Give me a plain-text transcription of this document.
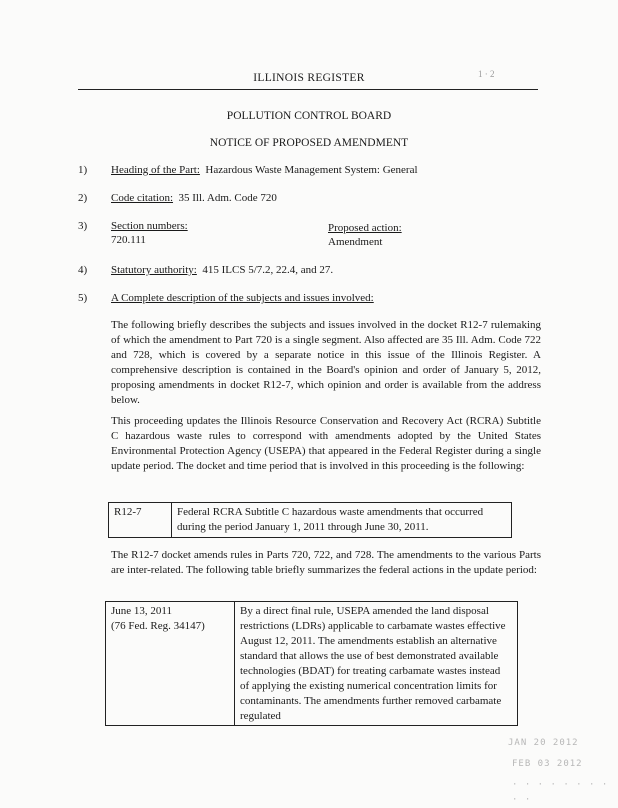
ILLINOIS REGISTER	1 · 2
POLLUTION CONTROL BOARD
NOTICE OF PROPOSED AMENDMENT
1)	Heading of the Part: Hazardous Waste Management System: General
2)	Code citation: 35 Ill. Adm. Code 720
3)	Section numbers:
720.111
Proposed action:
Amendment
4)	Statutory authority: 415 ILCS 5/7.2, 22.4, and 27.
5)	A Complete description of the subjects and issues involved:
The following briefly describes the subjects and issues involved in the docket R12-7 rulemaking of which the amendment to Part 720 is a single segment. Also affected are 35 Ill. Adm. Code 722 and 728, which is covered by a separate notice in this issue of the Illinois Register. A comprehensive description is contained in the Board's opinion and order of January 5, 2012, proposing amendments in docket R12-7, which opinion and order is available from the address below.
This proceeding updates the Illinois Resource Conservation and Recovery Act (RCRA) Subtitle C hazardous waste rules to correspond with amendments adopted by the United States Environmental Protection Agency (USEPA) that appeared in the Federal Register during a single update period. The docket and time period that is involved in this proceeding is the following:
R12-7	Federal RCRA Subtitle C hazardous waste amendments that occurred during the period January 1, 2011 through June 30, 2011.
The R12-7 docket amends rules in Parts 720, 722, and 728. The amendments to the various Parts are inter-related. The following table briefly summarizes the federal actions in the update period:
June 13, 2011
(76 Fed. Reg. 34147)
	By a direct final rule, USEPA amended the land disposal restrictions (LDRs) applicable to carbamate wastes effective August 12, 2011. The amendments establish an alternative standard that allows the use of best demonstrated available technologies (BDAT) for treating carbamate wastes instead of applying the existing numerical concentration limits for contaminants. The amendments further removed carbamate regulated
JAN 20 2012
FEB 03 2012
· · · · · · · · · ·
